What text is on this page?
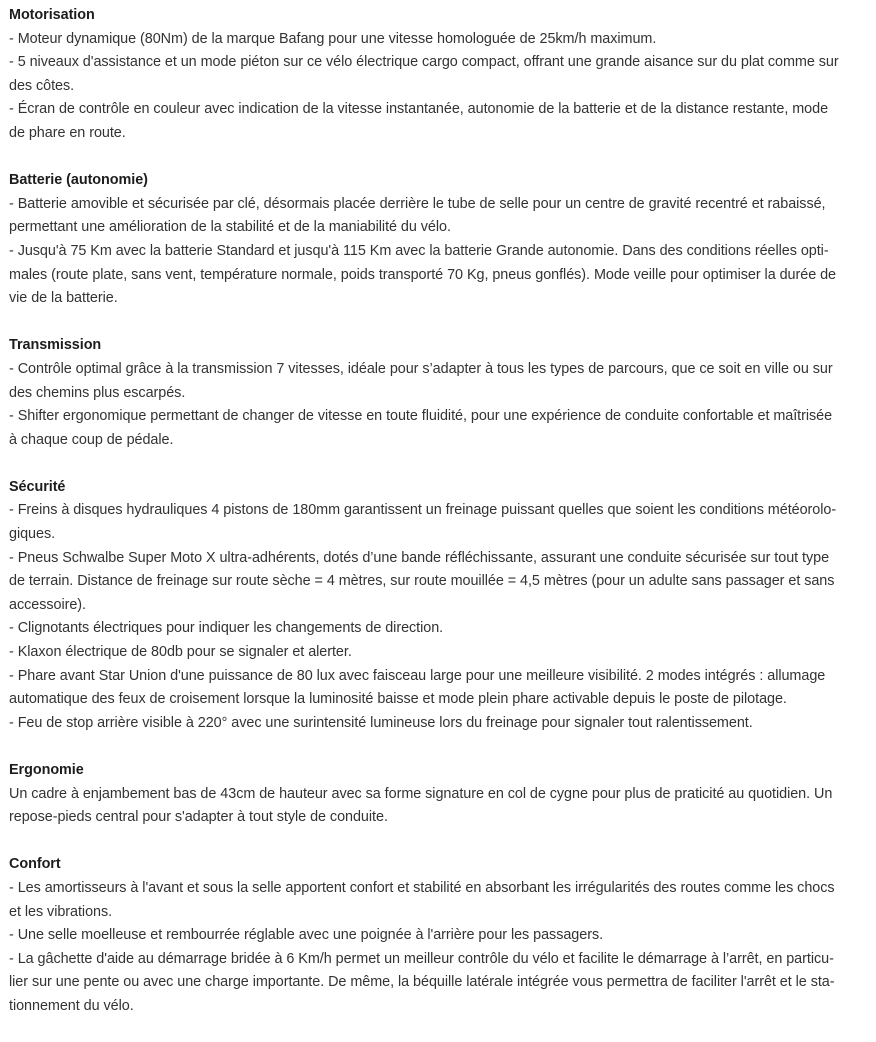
Motorisation
- Moteur dynamique (80Nm) de la marque Bafang pour une vitesse homologuée de 25km/h maximum.
- 5 niveaux d'assistance et un mode piéton sur ce vélo électrique cargo compact, offrant une grande aisance sur du plat comme sur
des côtes.
- Écran de contrôle en couleur avec indication de la vitesse instantanée, autonomie de la batterie et de la distance restante, mode
de phare en route.
Batterie (autonomie)
- Batterie amovible et sécurisée par clé, désormais placée derrière le tube de selle pour un centre de gravité recentré et rabaissé,
permettant une amélioration de la stabilité et de la maniabilité du vélo.
- Jusqu'à 75 Km avec la batterie Standard et jusqu'à 115 Km avec la batterie Grande autonomie. Dans des conditions réelles opti-
males (route plate, sans vent, température normale, poids transporté 70 Kg, pneus gonflés). Mode veille pour optimiser la durée de
vie de la batterie.
Transmission
- Contrôle optimal grâce à la transmission 7 vitesses, idéale pour s’adapter à tous les types de parcours, que ce soit en ville ou sur
des chemins plus escarpés.
- Shifter ergonomique permettant de changer de vitesse en toute fluidité, pour une expérience de conduite confortable et maîtrisée
à chaque coup de pédale.
Sécurité
- Freins à disques hydrauliques 4 pistons de 180mm garantissent un freinage puissant quelles que soient les conditions météorolo-
giques.
- Pneus Schwalbe Super Moto X ultra-adhérents, dotés d’une bande réfléchissante, assurant une conduite sécurisée sur tout type
de terrain. Distance de freinage sur route sèche = 4 mètres, sur route mouillée = 4,5 mètres (pour un adulte sans passager et sans
accessoire).
- Clignotants électriques pour indiquer les changements de direction.
- Klaxon électrique de 80db pour se signaler et alerter.
- Phare avant Star Union d'une puissance de 80 lux avec faisceau large pour une meilleure visibilité. 2 modes intégrés : allumage
automatique des feux de croisement lorsque la luminosité baisse et mode plein phare activable depuis le poste de pilotage.
- Feu de stop arrière visible à 220° avec une surintensité lumineuse lors du freinage pour signaler tout ralentissement.
Ergonomie
Un cadre à enjambement bas de 43cm de hauteur avec sa forme signature en col de cygne pour plus de praticité au quotidien. Un
repose-pieds central pour s'adapter à tout style de conduite.
Confort
- Les amortisseurs à l'avant et sous la selle apportent confort et stabilité en absorbant les irrégularités des routes comme les chocs
et les vibrations.
- Une selle moelleuse et rembourrée réglable avec une poignée à l'arrière pour les passagers.
- La gâchette d'aide au démarrage bridée à 6 Km/h permet un meilleur contrôle du vélo et facilite le démarrage à l’arrêt, en particu-
lier sur une pente ou avec une charge importante. De même, la béquille latérale intégrée vous permettra de faciliter l'arrêt et le sta-
tionnement du vélo.
